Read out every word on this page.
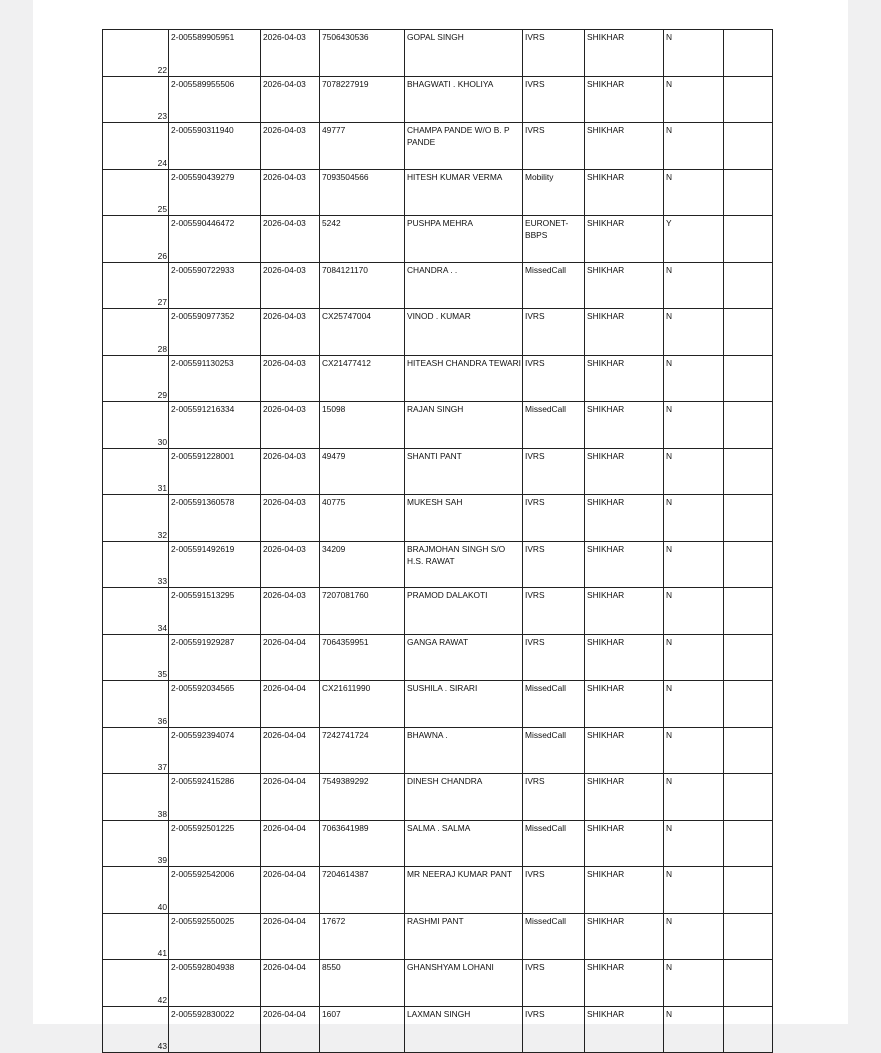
22	2-005589905951	2026-04-03	7506430536	GOPAL SINGH	IVRS	SHIKHAR	N	
23	2-005589955506	2026-04-03	7078227919	BHAGWATI . KHOLIYA	IVRS	SHIKHAR	N	
24	2-005590311940	2026-04-03	49777	CHAMPA PANDE W/O B. P PANDE	IVRS	SHIKHAR	N	
25	2-005590439279	2026-04-03	7093504566	HITESH KUMAR VERMA	Mobility	SHIKHAR	N	
26	2-005590446472	2026-04-03	5242	PUSHPA MEHRA	EURONET-BBPS	SHIKHAR	Y	
27	2-005590722933	2026-04-03	7084121170	CHANDRA . .	MissedCall	SHIKHAR	N	
28	2-005590977352	2026-04-03	CX25747004	VINOD . KUMAR	IVRS	SHIKHAR	N	
29	2-005591130253	2026-04-03	CX21477412	HITEASH CHANDRA TEWARI	IVRS	SHIKHAR	N	
30	2-005591216334	2026-04-03	15098	RAJAN SINGH	MissedCall	SHIKHAR	N	
31	2-005591228001	2026-04-03	49479	SHANTI PANT	IVRS	SHIKHAR	N	
32	2-005591360578	2026-04-03	40775	MUKESH SAH	IVRS	SHIKHAR	N	
33	2-005591492619	2026-04-03	34209	BRAJMOHAN SINGH S/O H.S. RAWAT	IVRS	SHIKHAR	N	
34	2-005591513295	2026-04-03	7207081760	PRAMOD DALAKOTI	IVRS	SHIKHAR	N	
35	2-005591929287	2026-04-04	7064359951	GANGA RAWAT	IVRS	SHIKHAR	N	
36	2-005592034565	2026-04-04	CX21611990	SUSHILA . SIRARI	MissedCall	SHIKHAR	N	
37	2-005592394074	2026-04-04	7242741724	BHAWNA .	MissedCall	SHIKHAR	N	
38	2-005592415286	2026-04-04	7549389292	DINESH CHANDRA	IVRS	SHIKHAR	N	
39	2-005592501225	2026-04-04	7063641989	SALMA . SALMA	MissedCall	SHIKHAR	N	
40	2-005592542006	2026-04-04	7204614387	MR NEERAJ KUMAR PANT	IVRS	SHIKHAR	N	
41	2-005592550025	2026-04-04	17672	RASHMI PANT	MissedCall	SHIKHAR	N	
42	2-005592804938	2026-04-04	8550	GHANSHYAM LOHANI	IVRS	SHIKHAR	N	
43	2-005592830022	2026-04-04	1607	LAXMAN SINGH	IVRS	SHIKHAR	N	
